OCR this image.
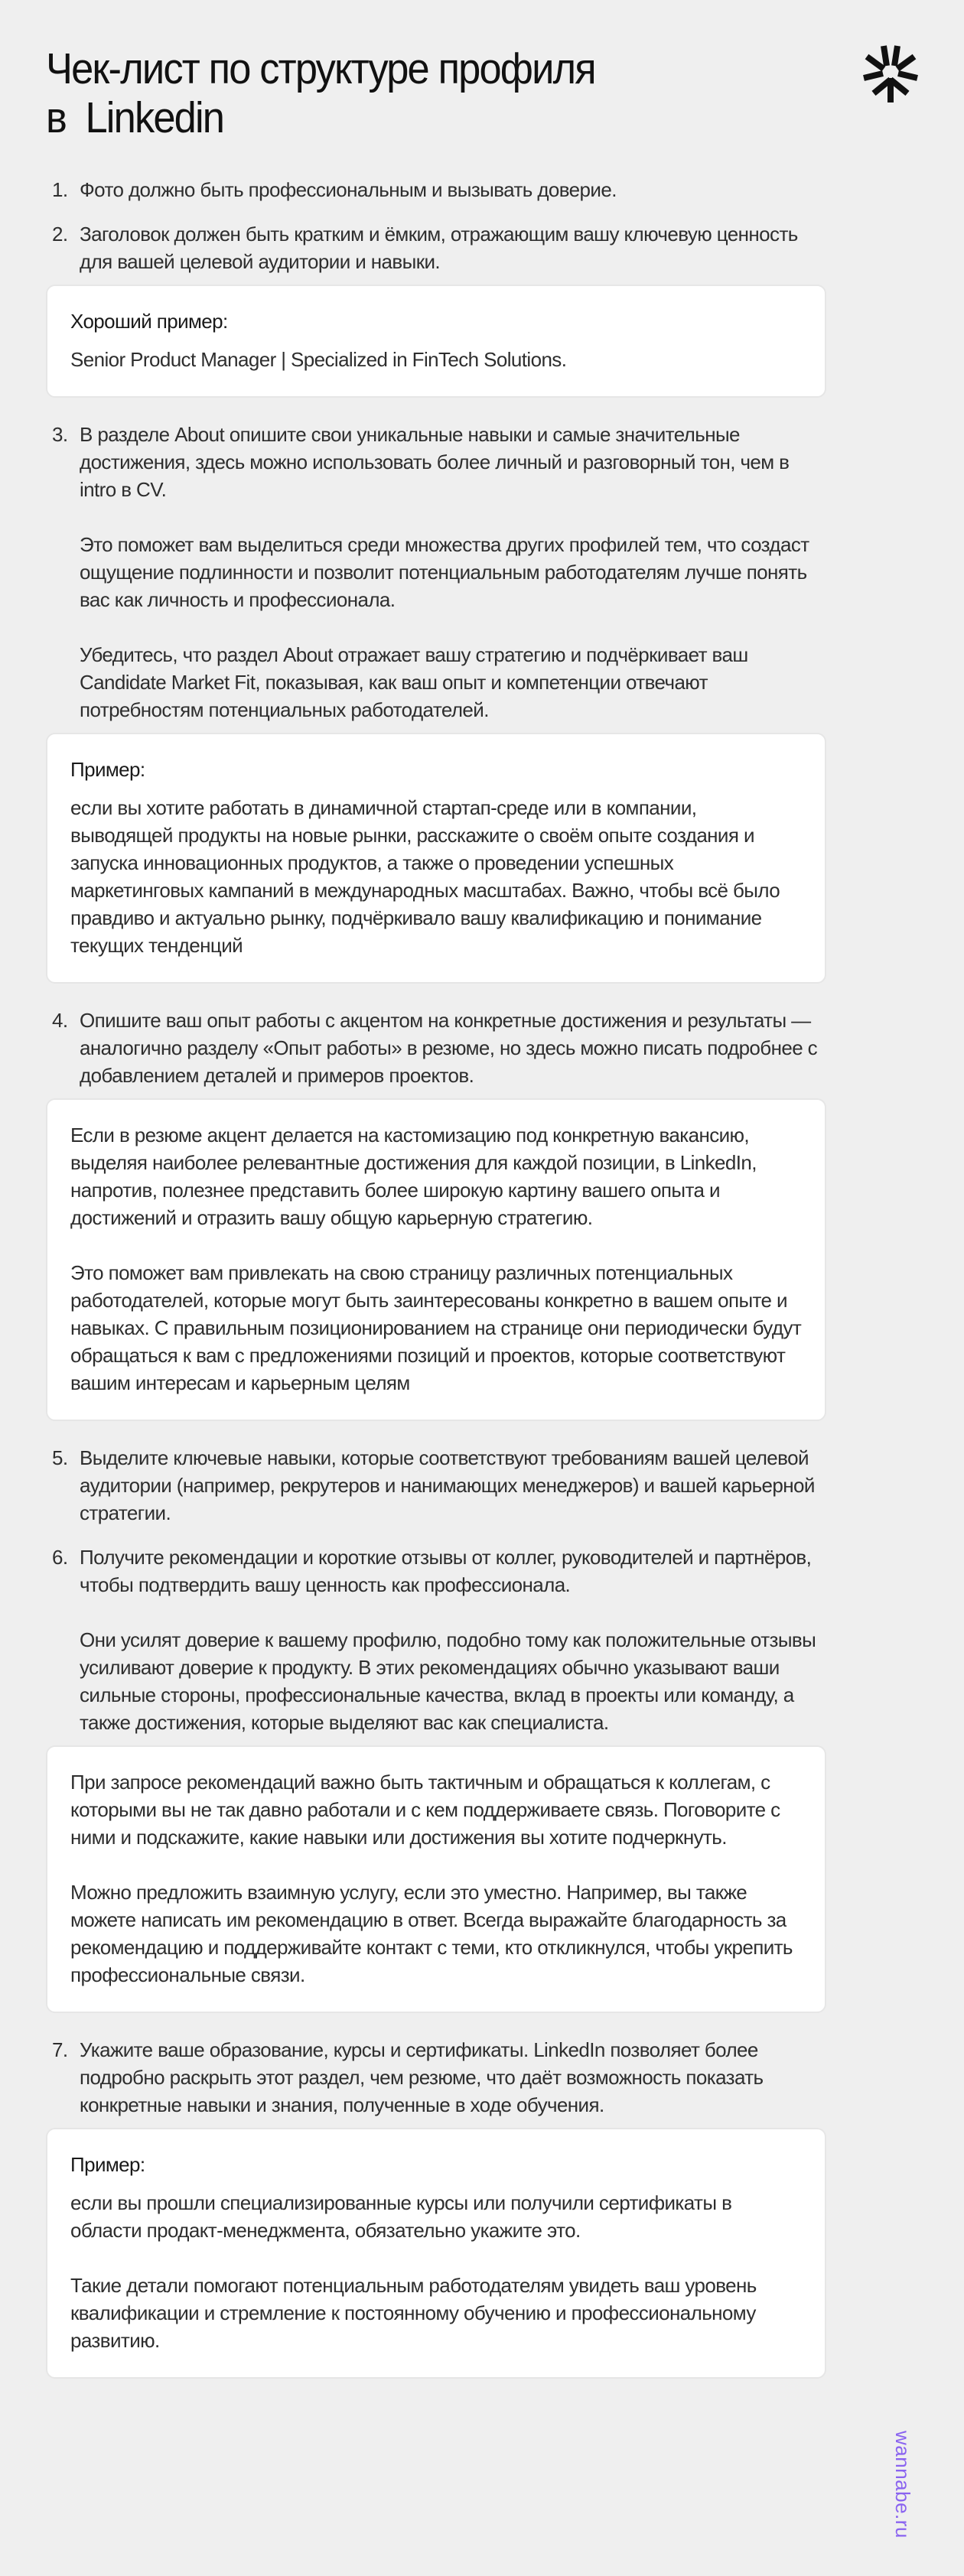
Чек-лист по структуре профиля
в  Linkedin
1. Фото должно быть профессиональным и вызывать доверие.

2. Заголовок должен быть кратким и ёмким, отражающим вашу ключевую ценность для вашей целевой аудитории и навыки.

Хороший пример:

Senior Product Manager | Specialized in FinTech Solutions.

3. В разделе About опишите свои уникальные навыки и самые значительные достижения, здесь можно использовать более личный и разговорный тон, чем в intro в CV.

Это поможет вам выделиться среди множества других профилей тем, что создаст ощущение подлинности и позволит потенциальным работодателям лучше понять вас как личность и профессионала.

Убедитесь, что раздел About отражает вашу стратегию и подчёркивает ваш Candidate Market Fit, показывая, как ваш опыт и компетенции отвечают потребностям потенциальных работодателей.

Пример:

если вы хотите работать в динамичной стартап-среде или в компании, выводящей продукты на новые рынки, расскажите о своём опыте создания и запуска инновационных продуктов, а также о проведении успешных маркетинговых кампаний в международных масштабах. Важно, чтобы всё было правдиво и актуально рынку, подчёркивало вашу квалификацию и понимание текущих тенденций

4. Опишите ваш опыт работы с акцентом на конкретные достижения и результаты — аналогично разделу «Опыт работы» в резюме, но здесь можно писать подробнее с добавлением деталей и примеров проектов.

Если в резюме акцент делается на кастомизацию под конкретную вакансию, выделяя наиболее релевантные достижения для каждой позиции, в LinkedIn, напротив, полезнее представить более широкую картину вашего опыта и достижений и отразить вашу общую карьерную стратегию.

Это поможет вам привлекать на свою страницу различных потенциальных работодателей, которые могут быть заинтересованы конкретно в вашем опыте и навыках. С правильным позиционированием на странице они периодически будут обращаться к вам с предложениями позиций и проектов, которые соответствуют вашим интересам и карьерным целям

5. Выделите ключевые навыки, которые соответствуют требованиям вашей целевой аудитории (например, рекрутеров и нанимающих менеджеров) и вашей карьерной стратегии.

6. Получите рекомендации и короткие отзывы от коллег, руководителей и партнёров, чтобы подтвердить вашу ценность как профессионала.

Они усилят доверие к вашему профилю, подобно тому как положительные отзывы усиливают доверие к продукту. В этих рекомендациях обычно указывают ваши сильные стороны, профессиональные качества, вклад в проекты или команду, а также достижения, которые выделяют вас как специалиста.

При запросе рекомендаций важно быть тактичным и обращаться к коллегам, с которыми вы не так давно работали и с кем поддерживаете связь. Поговорите с ними и подскажите, какие навыки или достижения вы хотите подчеркнуть.

Можно предложить взаимную услугу, если это уместно. Например, вы также можете написать им рекомендацию в ответ. Всегда выражайте благодарность за рекомендацию и поддерживайте контакт с теми, кто откликнулся, чтобы укрепить профессиональные связи.

7. Укажите ваше образование, курсы и сертификаты. LinkedIn позволяет более подробно раскрыть этот раздел, чем резюме, что даёт возможность показать конкретные навыки и знания, полученные в ходе обучения.

Пример:

если вы прошли специализированные курсы или получили сертификаты в области продакт-менеджмента, обязательно укажите это.

Такие детали помогают потенциальным работодателям увидеть ваш уровень квалификации и стремление к постоянному обучению и профессиональному развитию.

wannabe.ru
